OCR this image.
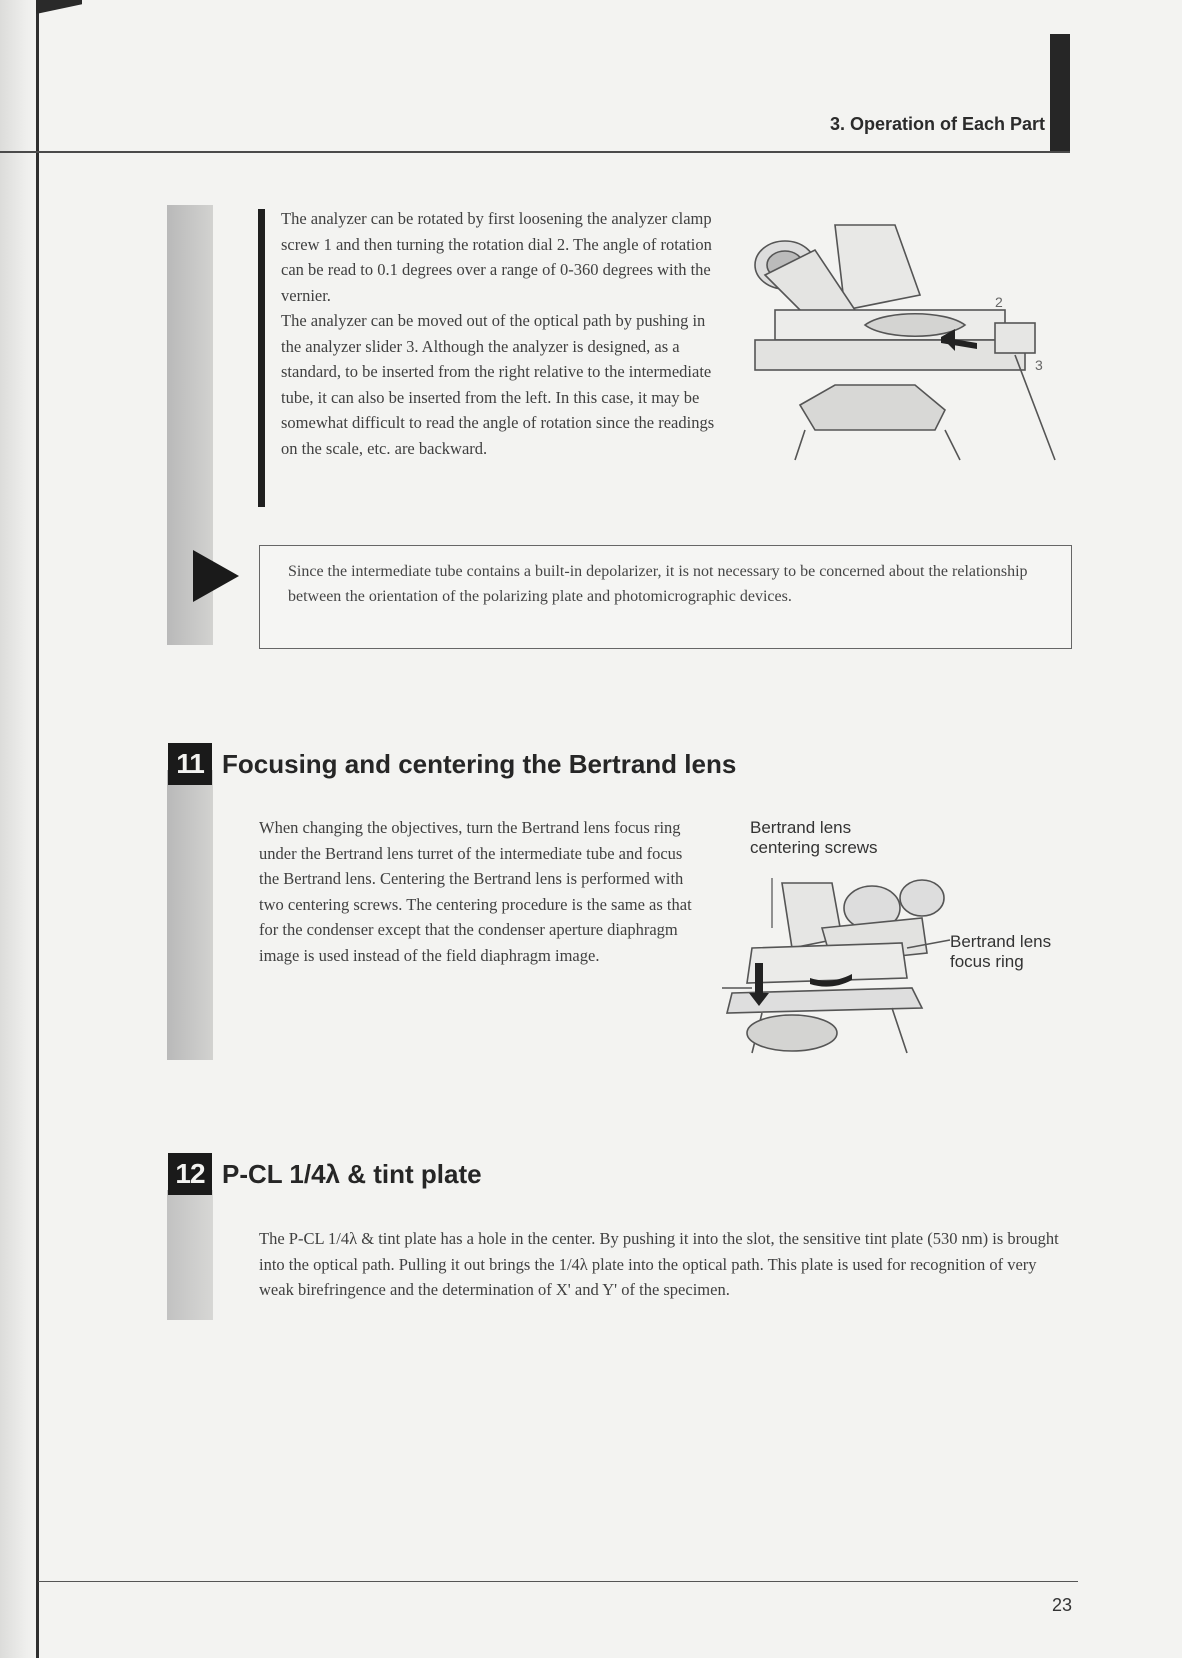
3. Operation of Each Part

The analyzer can be rotated by first loosening the analyzer clamp screw 1 and then turning the rotation dial 2. The angle of rotation can be read to 0.1 degrees over a range of 0-360 degrees with the vernier.

The analyzer can be moved out of the optical path by pushing in the analyzer slider 3. Although the analyzer is designed, as a standard, to be inserted from the right relative to the intermediate tube, it can also be inserted from the left. In this case, it may be somewhat difficult to read the angle of rotation since the readings on the scale, etc. are backward.

2
3

Since the intermediate tube contains a built-in depolarizer, it is not necessary to be concerned about the relationship between the orientation of the polarizing plate and photomicrographic devices.

11 Focusing and centering the Bertrand lens
When changing the objectives, turn the Bertrand lens focus ring under the Bertrand lens turret of the intermediate tube and focus the Bertrand lens. Centering the Bertrand lens is performed with two centering screws. The centering procedure is the same as that for the condenser except that the condenser aperture diaphragm image is used instead of the field diaphragm image.
Bertrand lens
centering screws
Bertrand lens
focus ring
12 P-CL 1/4λ & tint plate
The P-CL 1/4λ & tint plate has a hole in the center. By pushing it into the slot, the sensitive tint plate (530 nm) is brought into the optical path. Pulling it out brings the 1/4λ plate into the optical path. This plate is used for recognition of very weak birefringence and the determination of X' and Y' of the specimen.
23
